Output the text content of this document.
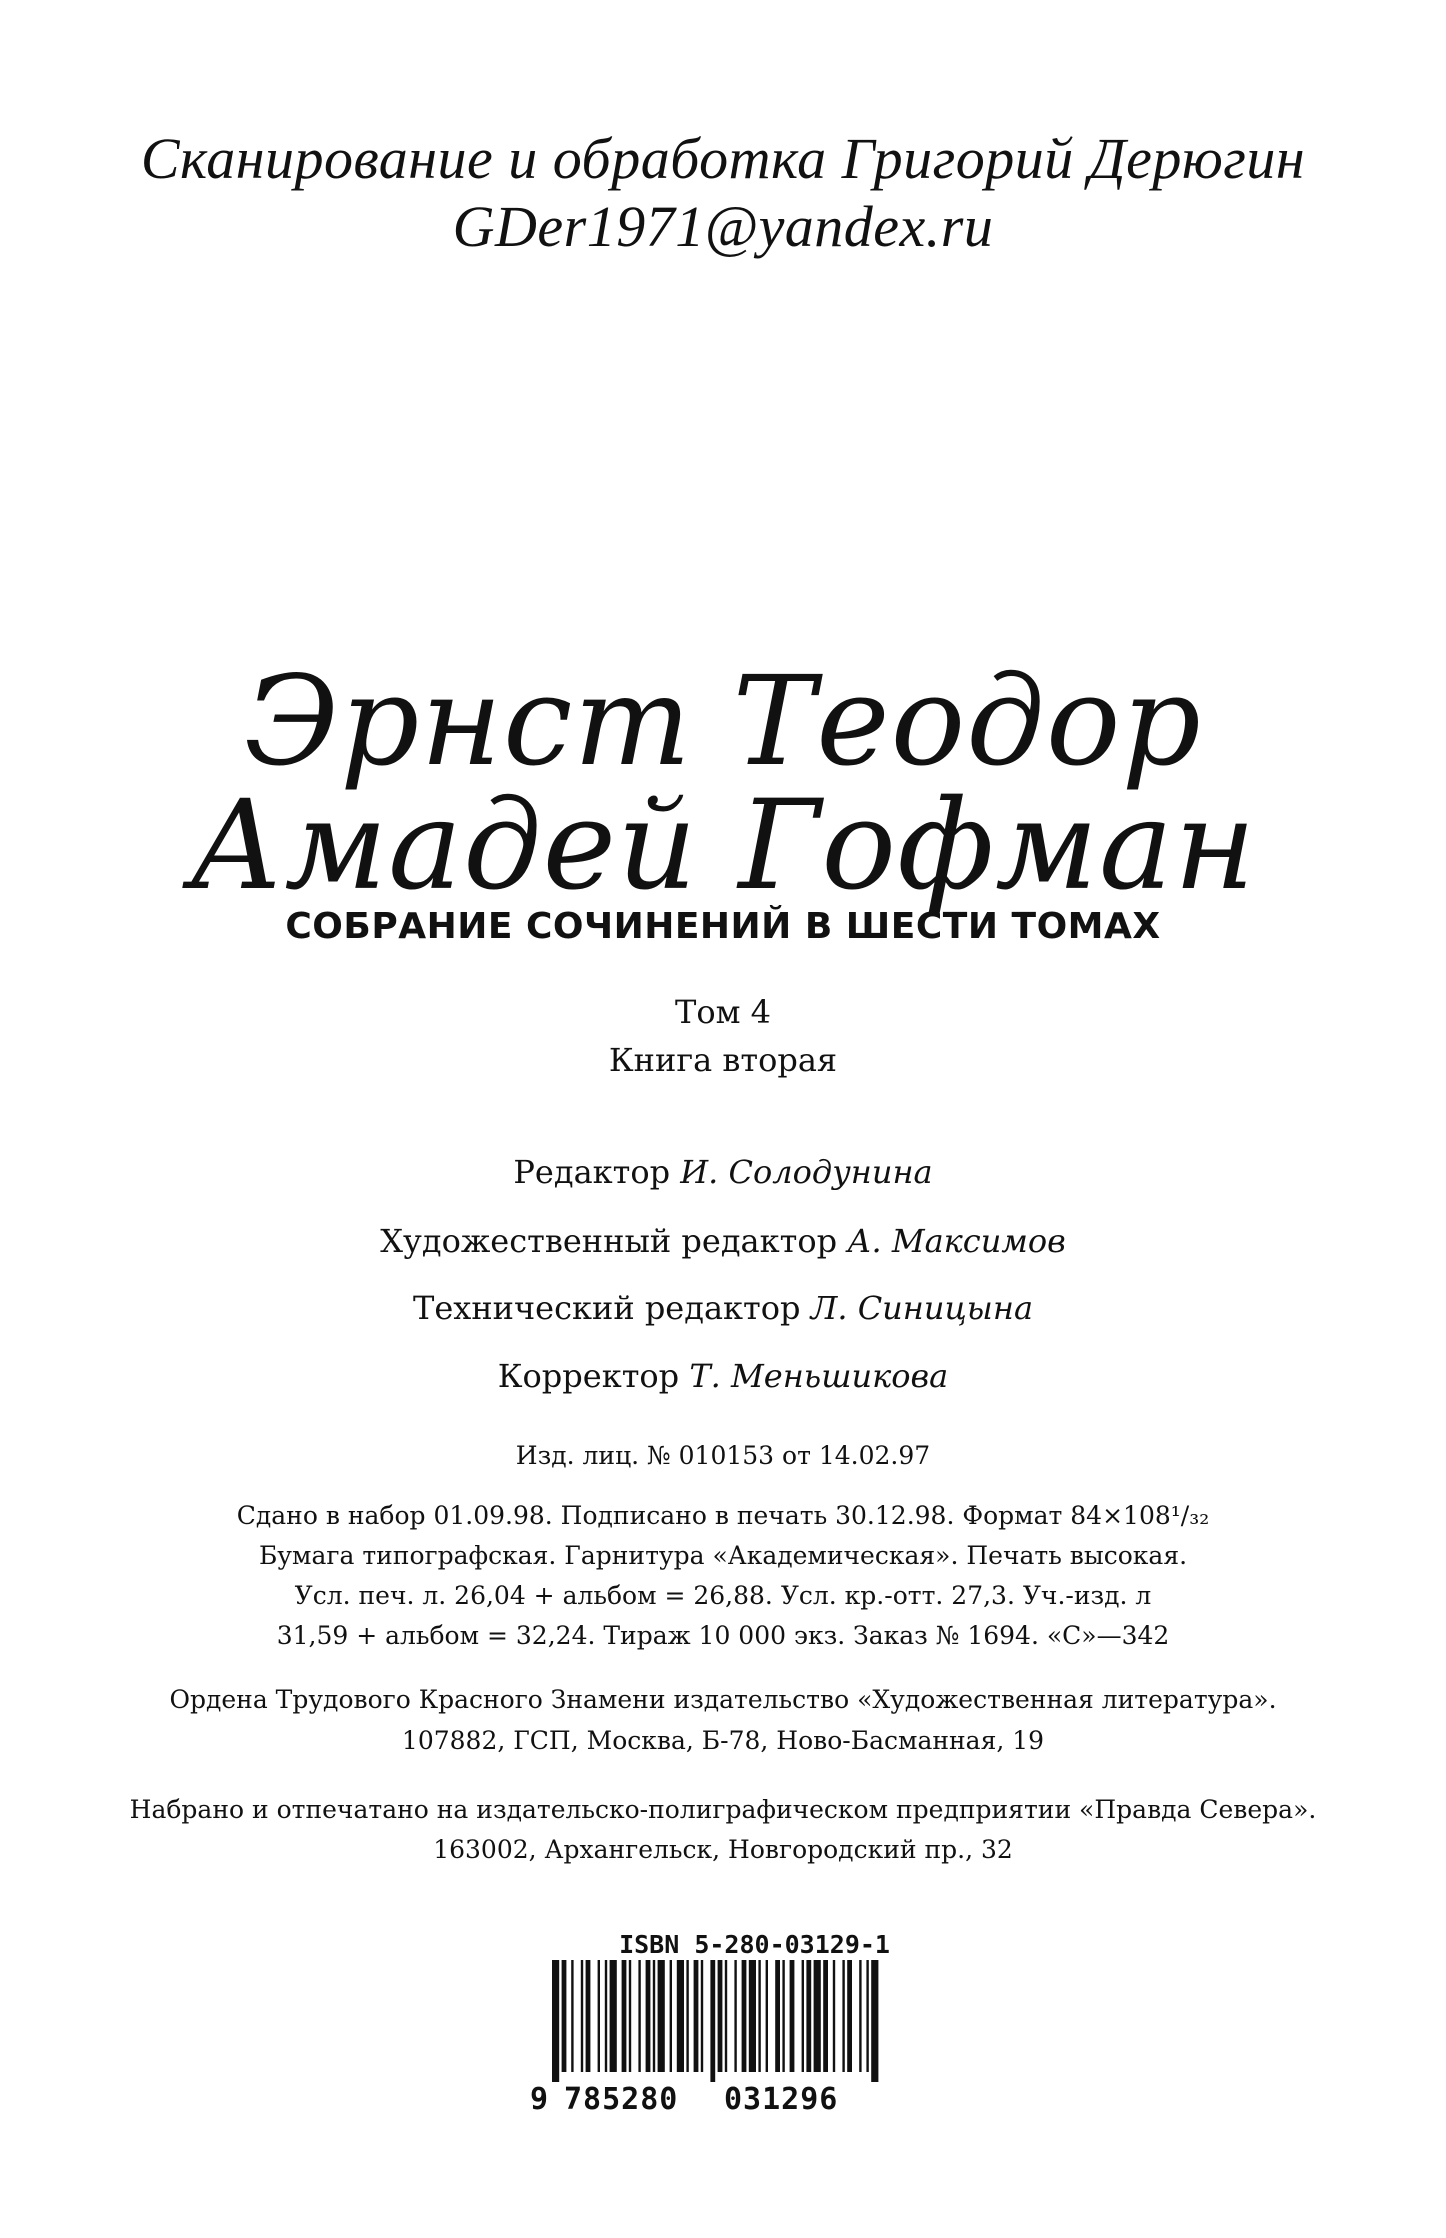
Сканирование и обработка Григорий Дерюгин
GDer1971@yandex.ru
Эрнст Теодор Амадей Гофман
СОБРАНИЕ СОЧИНЕНИЙ В ШЕСТИ ТОМАХ
Том 4
Книга вторая
Редактор И. Солодунина
Художественный редактор А. Максимов
Технический редактор Л. Синицына
Корректор Т. Меньшикова
Изд. лиц. № 010153 от 14.02.97
Сдано в набор 01.09.98. Подписано в печать 30.12.98. Формат 84×108¹/₃₂
Бумага типографская. Гарнитура «Академическая». Печать высокая.
Усл. печ. л. 26,04 + альбом = 26,88. Усл. кр.-отт. 27,3. Уч.-изд. л
31,59 + альбом = 32,24. Тираж 10 000 экз. Заказ № 1694. «С»—342
Ордена Трудового Красного Знамени издательство «Художественная литература».
107882, ГСП, Москва, Б-78, Ново-Басманная, 19
Набрано и отпечатано на издательско-полиграфическом предприятии «Правда Севера».
163002, Архангельск, Новгородский пр., 32
ISBN 5-280-03129-1
9 785280 031296
